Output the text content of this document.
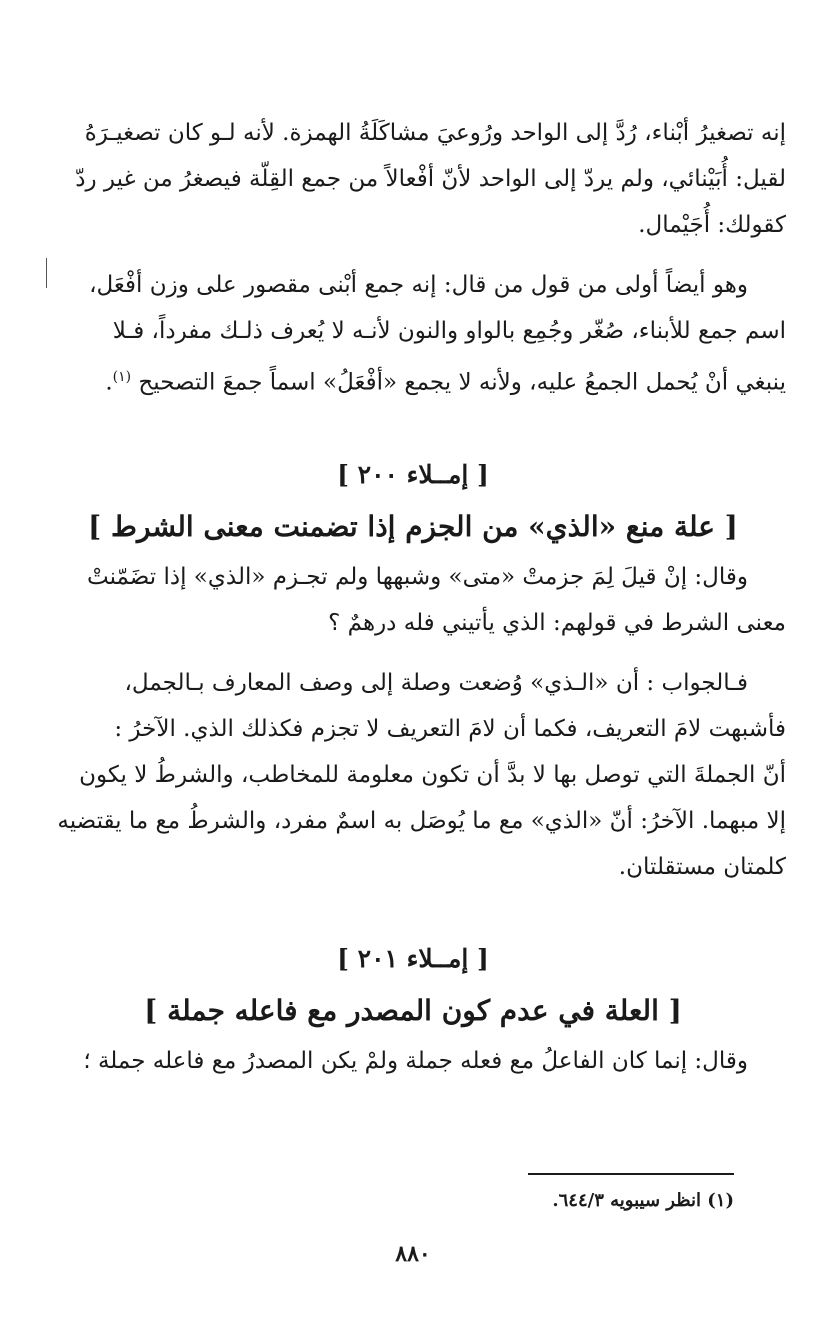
إنه تصغيرُ أبْناء، رُدَّ إلى الواحد ورُوعيَ مشاكَلَةُ الهمزة. لأنه لـو كان تصغيـرَهُ

لقيل: أُبَيْنائي، ولم يردّ إلى الواحد لأنّ أفْعالاً من جمع القِلّة فيصغرُ من غير ردّ

كقولك: أُجَيْمال.

وهو أيضاً أولى من قول من قال: إنه جمع أبْنى مقصور على وزن أفْعَل،

اسم جمع للأبناء، صُغّر وجُمِع بالواو والنون لأنـه لا يُعرف ذلـك مفرداً، فـلا

ينبغي أنْ يُحمل الجمعُ عليه، ولأنه لا يجمع «أفْعَلُ» اسماً جمعَ التصحيح $^{(١)}$.

[ إمــلاء ٢٠٠ ]
[ علة منع «الذي» من الجزم إذا تضمنت معنى الشرط ]

وقال: إنْ قيلَ لِمَ جزمتْ «متى» وشبهها ولم تجـزم «الذي» إذا تضَمّنتْ

معنى الشرط في قولهم: الذي يأتيني فله درهمٌ ؟

فـالجواب : أن «الـذي» وُضعت وصلة إلى وصف المعارف بـالجمل،

فأشبهت لامَ التعريف، فكما أن لامَ التعريف لا تجزم فكذلك الذي. الآخرُ :

أنّ الجملةَ التي توصل بها لا بدَّ أن تكون معلومة للمخاطب، والشرطُ لا يكون

إلا مبهما. الآخرُ: أنّ «الذي» مع ما يُوصَل به اسمٌ مفرد، والشرطُ مع ما يقتضيه

كلمتان مستقلتان.

[ إمــلاء ٢٠١ ]
[ العلة في عدم كون المصدر مع فاعله جملة ]

وقال: إنما كان الفاعلُ مع فعله جملة ولمْ يكن المصدرُ مع فاعله جملة ؛

(١) انظر سيبويه ٦٤٤/٣.
٨٨٠
